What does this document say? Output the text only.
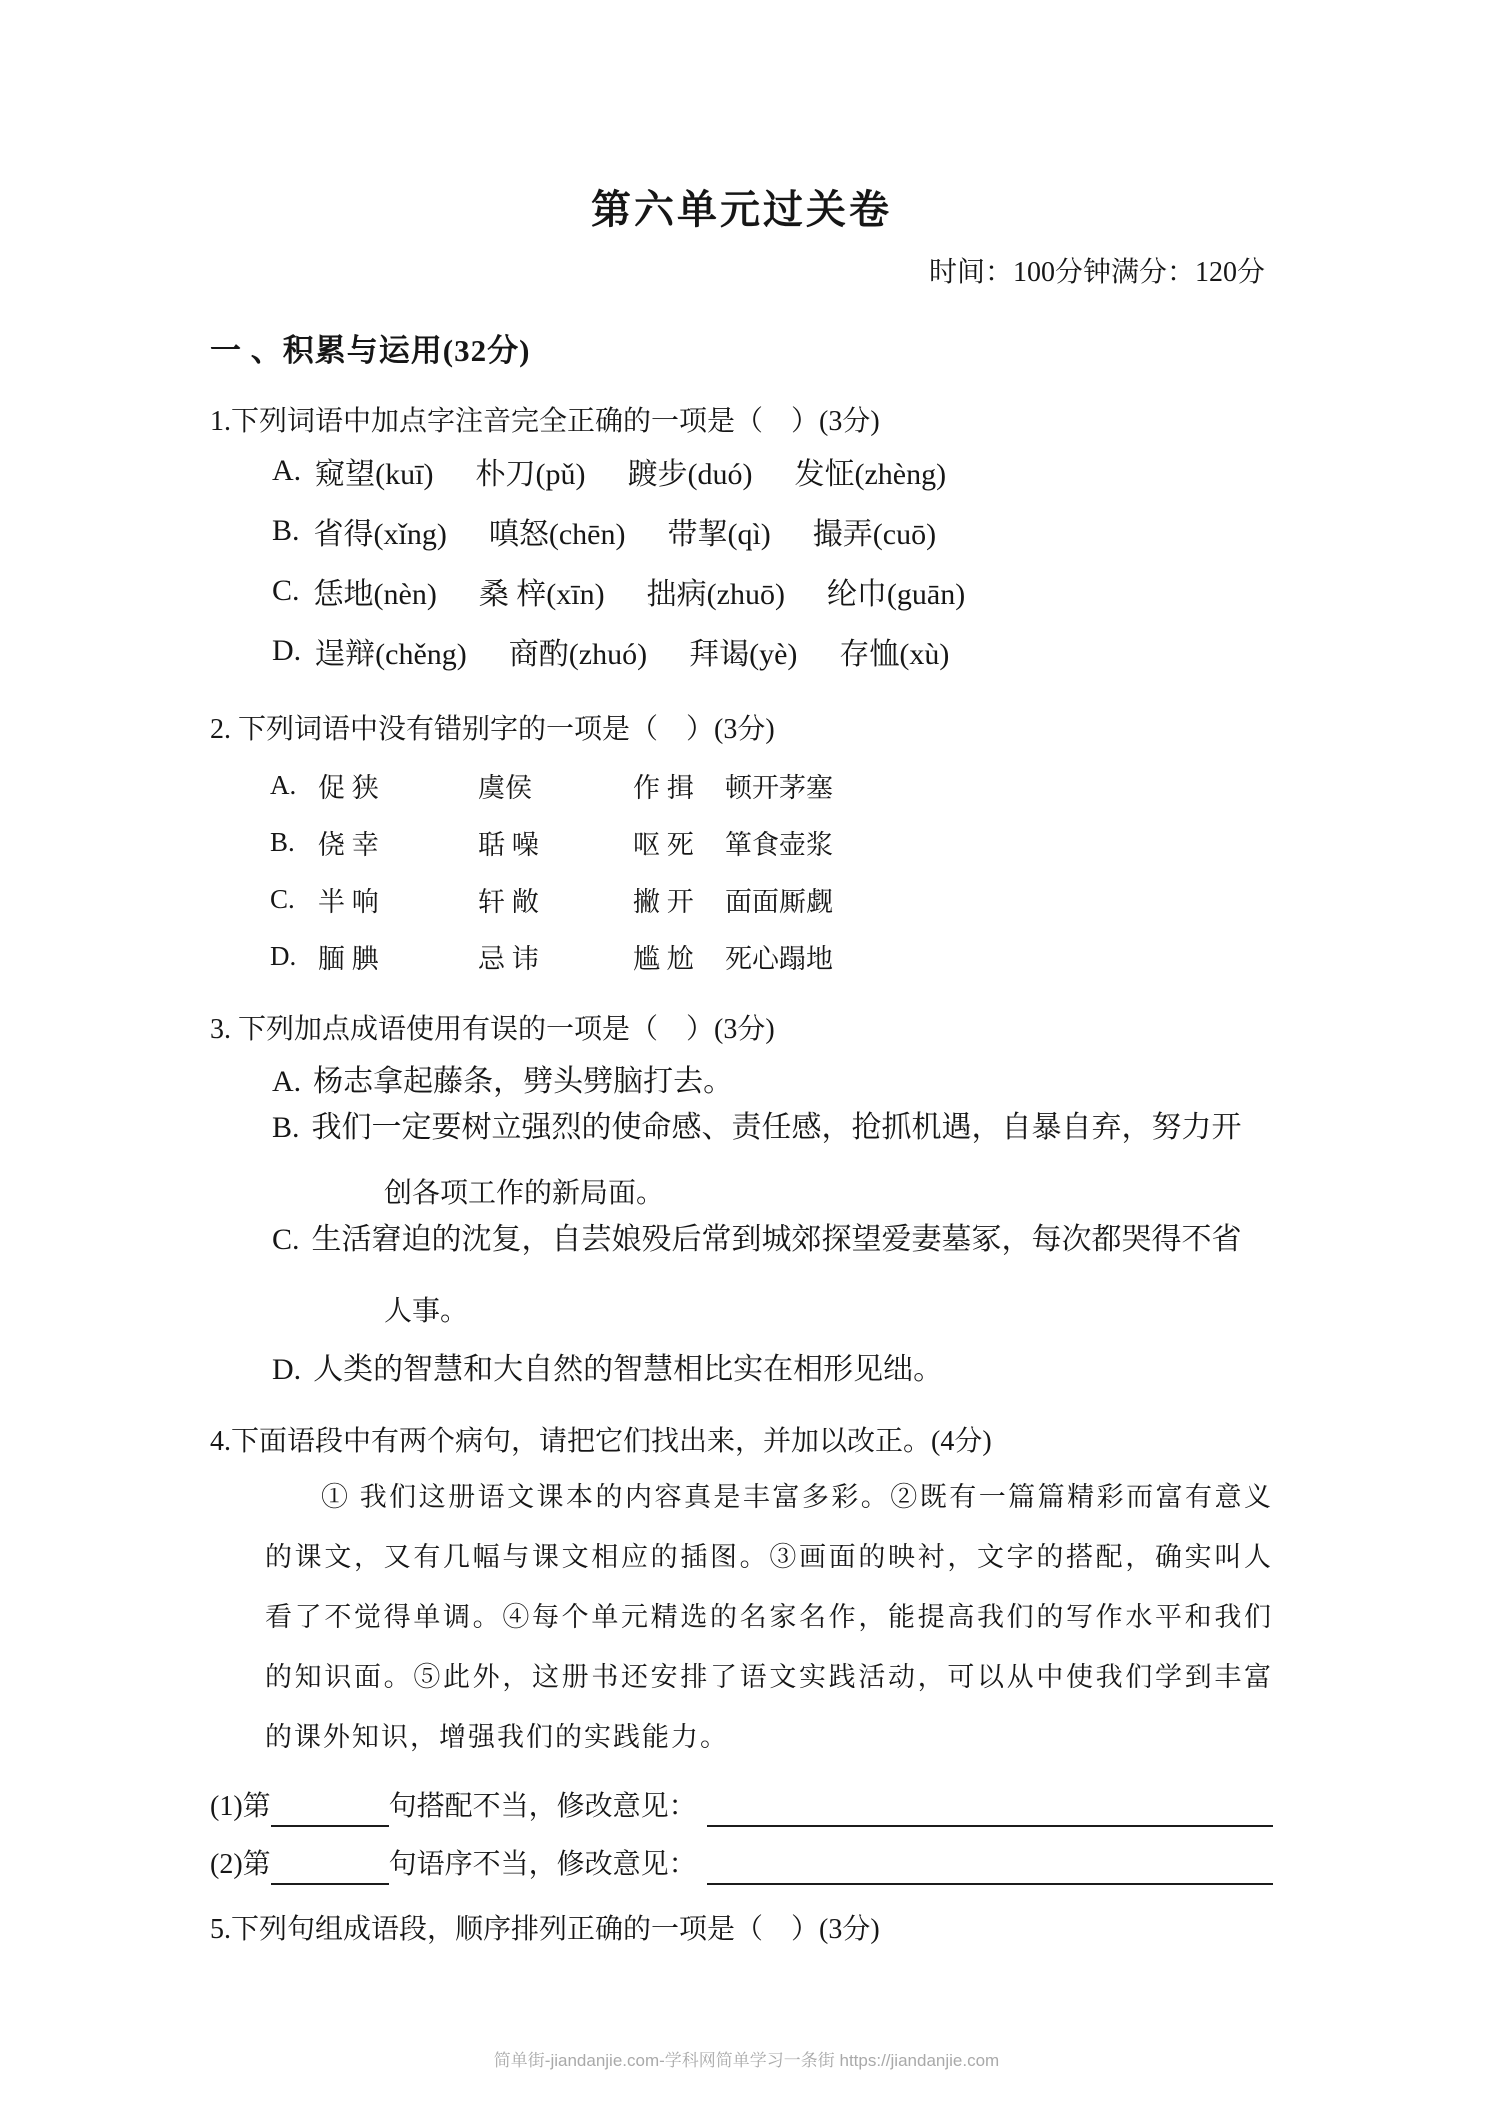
第六单元过关卷
时间：100分钟满分：120分
一 、积累与运用(32分)
1.下列词语中加点字注音完全正确的一项是（　）(3分)
A. 窥望(kuī) 朴刀(pǔ) 踱步(duó) 发怔(zhèng)
B. 省得(xǐng) 嗔怒(chēn) 带挈(qì) 撮弄(cuō)
C. 恁地(nèn) 桑 梓(xīn) 拙病(zhuō) 纶巾(guān)
D. 逞辩(chěng) 商酌(zhuó) 拜谒(yè) 存恤(xù)
2. 下列词语中没有错别字的一项是（　）(3分)
A. 促 狭	虞侯	作 揖	顿开茅塞
B. 侥 幸	聒 噪	呕 死	箪食壶浆
C. 半 响	轩 敞	撇 开	面面厮觑
D. 腼 腆	忌 讳	尴 尬	死心蹋地
3. 下列加点成语使用有误的一项是（　）(3分)
A. 杨志拿起藤条，劈头劈脑打去。
B. 我们一定要树立强烈的使命感、责任感，抢抓机遇，自暴自弃，努力开
创各项工作的新局面。
C. 生活窘迫的沈复，自芸娘殁后常到城郊探望爱妻墓冢，每次都哭得不省
人事。
D. 人类的智慧和大自然的智慧相比实在相形见绌。
4.下面语段中有两个病句，请把它们找出来，并加以改正。(4分)
① 我们这册语文课本的内容真是丰富多彩。②既有一篇篇精彩而富有意义的课文，又有几幅与课文相应的插图。③画面的映衬，文字的搭配，确实叫人看了不觉得单调。④每个单元精选的名家名作，能提高我们的写作水平和我们的知识面。⑤此外，这册书还安排了语文实践活动，可以从中使我们学到丰富的课外知识，增强我们的实践能力。
(1)第	句搭配不当，修改意见：
(2)第	句语序不当，修改意见：
5.下列句组成语段，顺序排列正确的一项是（　）(3分)
简单街-jiandanjie.com-学科网简单学习一条街 https://jiandanjie.com
